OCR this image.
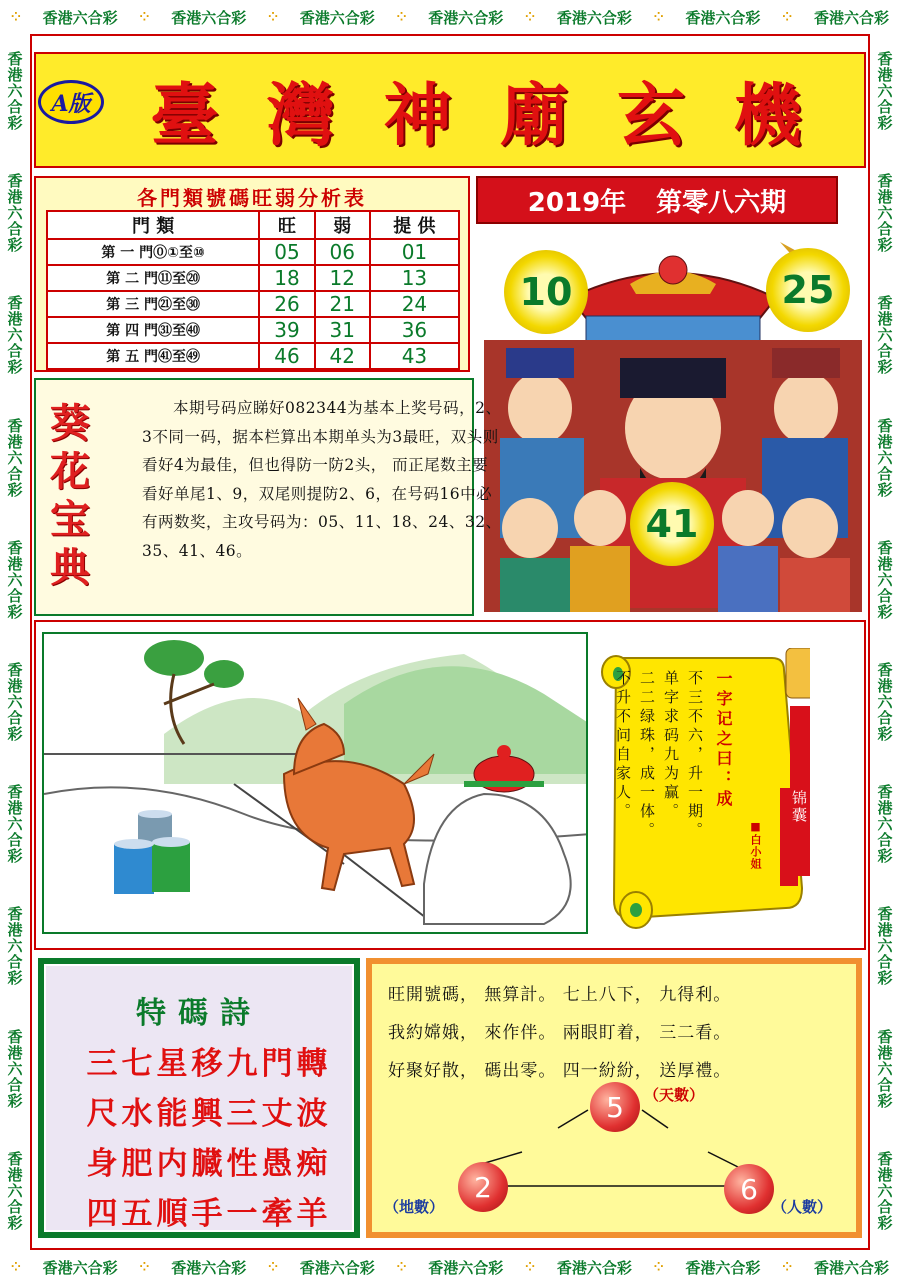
⁘ 香港六合彩 ⁘ 香港六合彩 ⁘ 香港六合彩 ⁘ 香港六合彩 ⁘ 香港六合彩 ⁘ 香港六合彩 ⁘ 香港六合彩
⁘ 香港六合彩 ⁘ 香港六合彩 ⁘ 香港六合彩 ⁘ 香港六合彩 ⁘ 香港六合彩 ⁘ 香港六合彩 ⁘ 香港六合彩
香港六合彩
香港六合彩
香港六合彩
香港六合彩
香港六合彩
香港六合彩
香港六合彩
香港六合彩
香港六合彩
香港六合彩
香港六合彩
香港六合彩
香港六合彩
香港六合彩
香港六合彩
香港六合彩
香港六合彩
香港六合彩
香港六合彩
香港六合彩
A版 臺 灣 神 廟 玄 機
各門類號碼旺弱分析表
門 類	旺	弱	提 供
第 一 門⓪①至⑩	05	06	01
第 二 門⑪至⑳	18	12	13
第 三 門㉑至㉚	26	21	24
第 四 門㉛至㊵	39	31	36
第 五 門㊶至㊾	46	42	43
2019年 第零八六期
10	25
41
葵
花
宝
典
本期号码应睇好082344为基本上奖号码，2、3不同一码，据本栏算出本期单头为3最旺，双头则看好4为最佳，但也得防一防2头， 而正尾数主要看好单尾1、9，双尾则提防2、6，在号码16中必有两数奖，主攻号码为：05、11、18、24、32、35、41、46。
不升不问自家人。 二二绿珠，成一体。 单字求码九为赢。 不三不六，升一期。 一字记之曰：成
■白小姐
赢钱
锦囊
特碼詩
三七星移九門轉
尺水能興三丈波
身肥内臓性愚痴
四五順手一牽羊
旺開號碼， 無算計。 七上八下， 九得利。
我約嫦娥， 來作伴。 兩眼盯着， 三二看。
好聚好散， 碼出零。 四一紛紛， 送厚禮。
5	（天數）
2
（地數）
6
（人數）
